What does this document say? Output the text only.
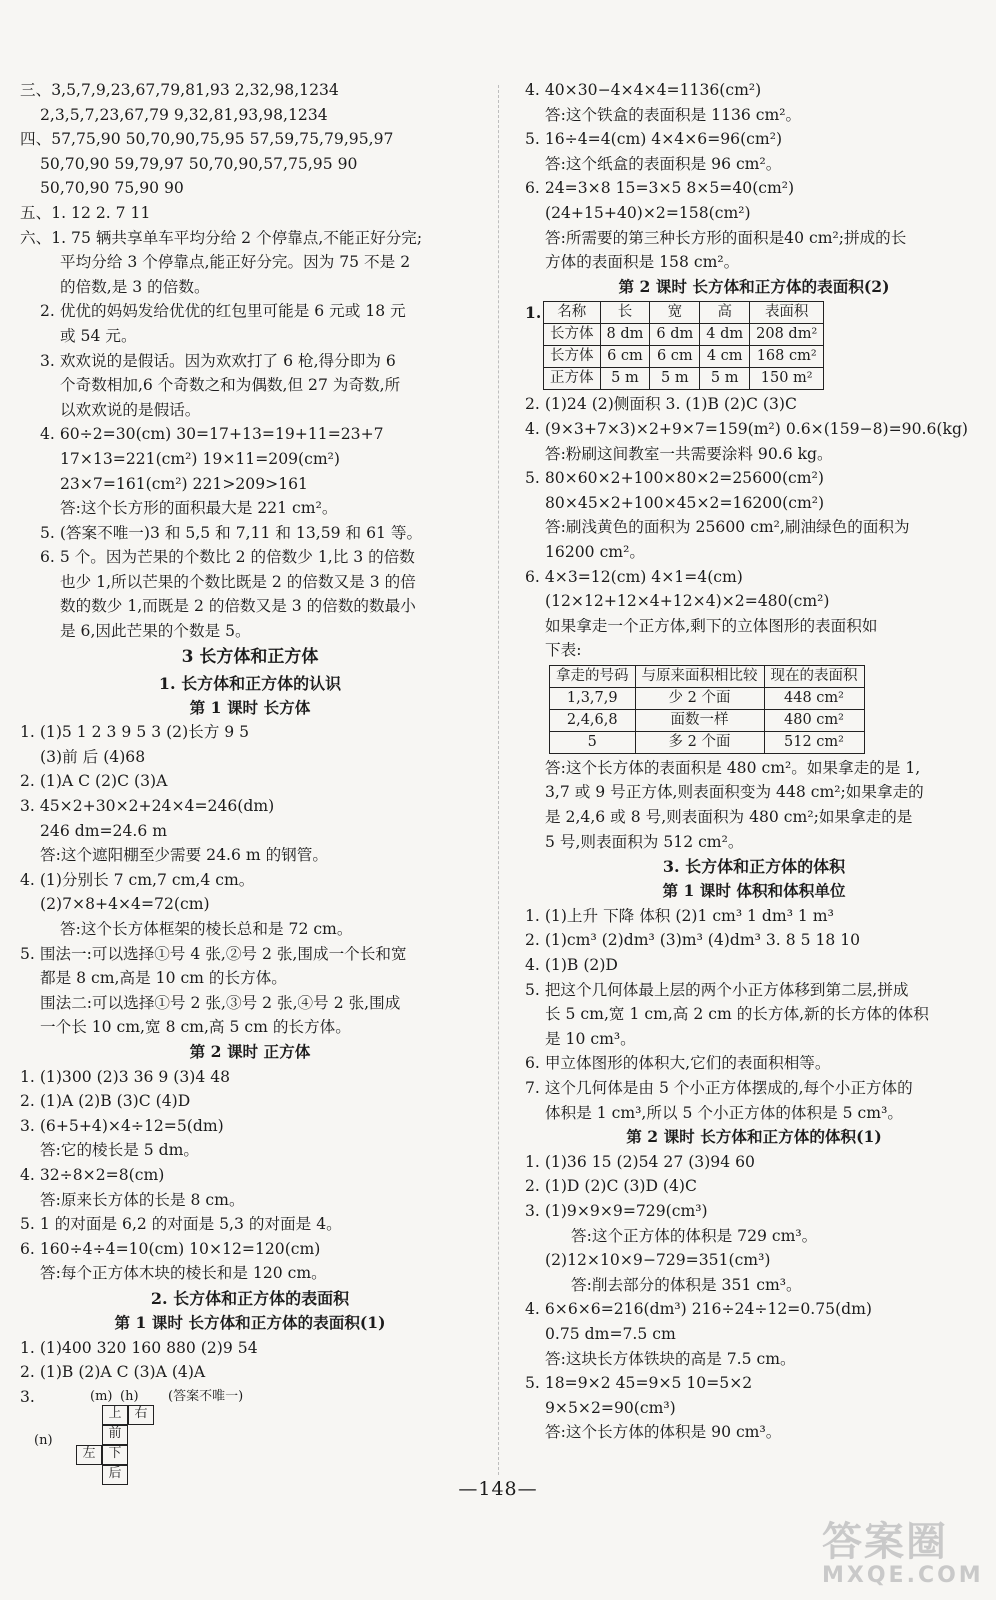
三、3,5,7,9,23,67,79,81,93 2,32,98,1234
2,3,5,7,23,67,79 9,32,81,93,98,1234
四、57,75,90 50,70,90,75,95 57,59,75,79,95,97
50,70,90 59,79,97 50,70,90,57,75,95 90
50,70,90 75,90 90
五、1. 12 2. 7 11
六、1. 75 辆共享单车平均分给 2 个停靠点,不能正好分完;
平均分给 3 个停靠点,能正好分完。因为 75 不是 2
的倍数,是 3 的倍数。
2. 优优的妈妈发给优优的红包里可能是 6 元或 18 元
或 54 元。
3. 欢欢说的是假话。因为欢欢打了 6 枪,得分即为 6
个奇数相加,6 个奇数之和为偶数,但 27 为奇数,所
以欢欢说的是假话。
4. 60÷2=30(cm) 30=17+13=19+11=23+7
17×13=221(cm²) 19×11=209(cm²)
23×7=161(cm²) 221>209>161
答:这个长方形的面积最大是 221 cm²。
5. (答案不唯一)3 和 5,5 和 7,11 和 13,59 和 61 等。
6. 5 个。因为芒果的个数比 2 的倍数少 1,比 3 的倍数
也少 1,所以芒果的个数比既是 2 的倍数又是 3 的倍
数的数少 1,而既是 2 的倍数又是 3 的倍数的数最小
是 6,因此芒果的个数是 5。
3 长方体和正方体
1. 长方体和正方体的认识
第 1 课时 长方体
1. (1)5 1 2 3 9 5 3 (2)长方 9 5
(3)前 后 (4)68
2. (1)A C (2)C (3)A
3. 45×2+30×2+24×4=246(dm)
246 dm=24.6 m
答:这个遮阳棚至少需要 24.6 m 的钢管。
4. (1)分别长 7 cm,7 cm,4 cm。
(2)7×8+4×4=72(cm)
答:这个长方体框架的棱长总和是 72 cm。
5. 围法一:可以选择①号 4 张,②号 2 张,围成一个长和宽
都是 8 cm,高是 10 cm 的长方体。
围法二:可以选择①号 2 张,③号 2 张,④号 2 张,围成
一个长 10 cm,宽 8 cm,高 5 cm 的长方体。
第 2 课时 正方体
1. (1)300 (2)3 36 9 (3)4 48
2. (1)A (2)B (3)C (4)D
3. (6+5+4)×4÷12=5(dm)
答:它的棱长是 5 dm。
4. 32÷8×2=8(cm)
答:原来长方体的长是 8 cm。
5. 1 的对面是 6,2 的对面是 5,3 的对面是 4。
6. 160÷4÷4=10(cm) 10×12=120(cm)
答:每个正方体木块的棱长和是 120 cm。
2. 长方体和正方体的表面积
第 1 课时 长方体和正方体的表面积(1)
1. (1)400 320 160 880 (2)9 54
2. (1)B (2)A C (3)A (4)A
3.	(m) (h) (答案不唯一)
(n)
上 右
前
左 下
后
4. 40×30−4×4×4=1136(cm²)
答:这个铁盒的表面积是 1136 cm²。
5. 16÷4=4(cm) 4×4×6=96(cm²)
答:这个纸盒的表面积是 96 cm²。
6. 24=3×8 15=3×5 8×5=40(cm²)
(24+15+40)×2=158(cm²)
答:所需要的第三种长方形的面积是40 cm²;拼成的长
方体的表面积是 158 cm²。
第 2 课时 长方体和正方体的表面积(2)
1. 名称	长	宽	高	表面积
长方体	8 dm	6 dm	4 dm	208 dm²
长方体	6 cm	6 cm	4 cm	168 cm²
正方体	5 m	5 m	5 m	150 m²
2. (1)24 (2)侧面积 3. (1)B (2)C (3)C
4. (9×3+7×3)×2+9×7=159(m²) 0.6×(159−8)=90.6(kg)
答:粉刷这间教室一共需要涂料 90.6 kg。
5. 80×60×2+100×80×2=25600(cm²)
80×45×2+100×45×2=16200(cm²)
答:刷浅黄色的面积为 25600 cm²,刷油绿色的面积为
16200 cm²。
6. 4×3=12(cm) 4×1=4(cm)
(12×12+12×4+12×4)×2=480(cm²)
如果拿走一个正方体,剩下的立体图形的表面积如
下表:
拿走的号码	与原来面积相比较	现在的表面积
1,3,7,9	少 2 个面	448 cm²
2,4,6,8	面数一样	480 cm²
5	多 2 个面	512 cm²
答:这个长方体的表面积是 480 cm²。如果拿走的是 1,
3,7 或 9 号正方体,则表面积变为 448 cm²;如果拿走的
是 2,4,6 或 8 号,则表面积为 480 cm²;如果拿走的是
5 号,则表面积为 512 cm²。
3. 长方体和正方体的体积
第 1 课时 体积和体积单位
1. (1)上升 下降 体积 (2)1 cm³ 1 dm³ 1 m³
2. (1)cm³ (2)dm³ (3)m³ (4)dm³ 3. 8 5 18 10
4. (1)B (2)D
5. 把这个几何体最上层的两个小正方体移到第二层,拼成
长 5 cm,宽 1 cm,高 2 cm 的长方体,新的长方体的体积
是 10 cm³。
6. 甲立体图形的体积大,它们的表面积相等。
7. 这个几何体是由 5 个小正方体摆成的,每个小正方体的
体积是 1 cm³,所以 5 个小正方体的体积是 5 cm³。
第 2 课时 长方体和正方体的体积(1)
1. (1)36 15 (2)54 27 (3)94 60
2. (1)D (2)C (3)D (4)C
3. (1)9×9×9=729(cm³)
答:这个正方体的体积是 729 cm³。
(2)12×10×9−729=351(cm³)
答:削去部分的体积是 351 cm³。
4. 6×6×6=216(dm³) 216÷24÷12=0.75(dm)
0.75 dm=7.5 cm
答:这块长方体铁块的高是 7.5 cm。
5. 18=9×2 45=9×5 10=5×2
9×5×2=90(cm³)
答:这个长方体的体积是 90 cm³。
—148—
答案圈
MXQE.COM
